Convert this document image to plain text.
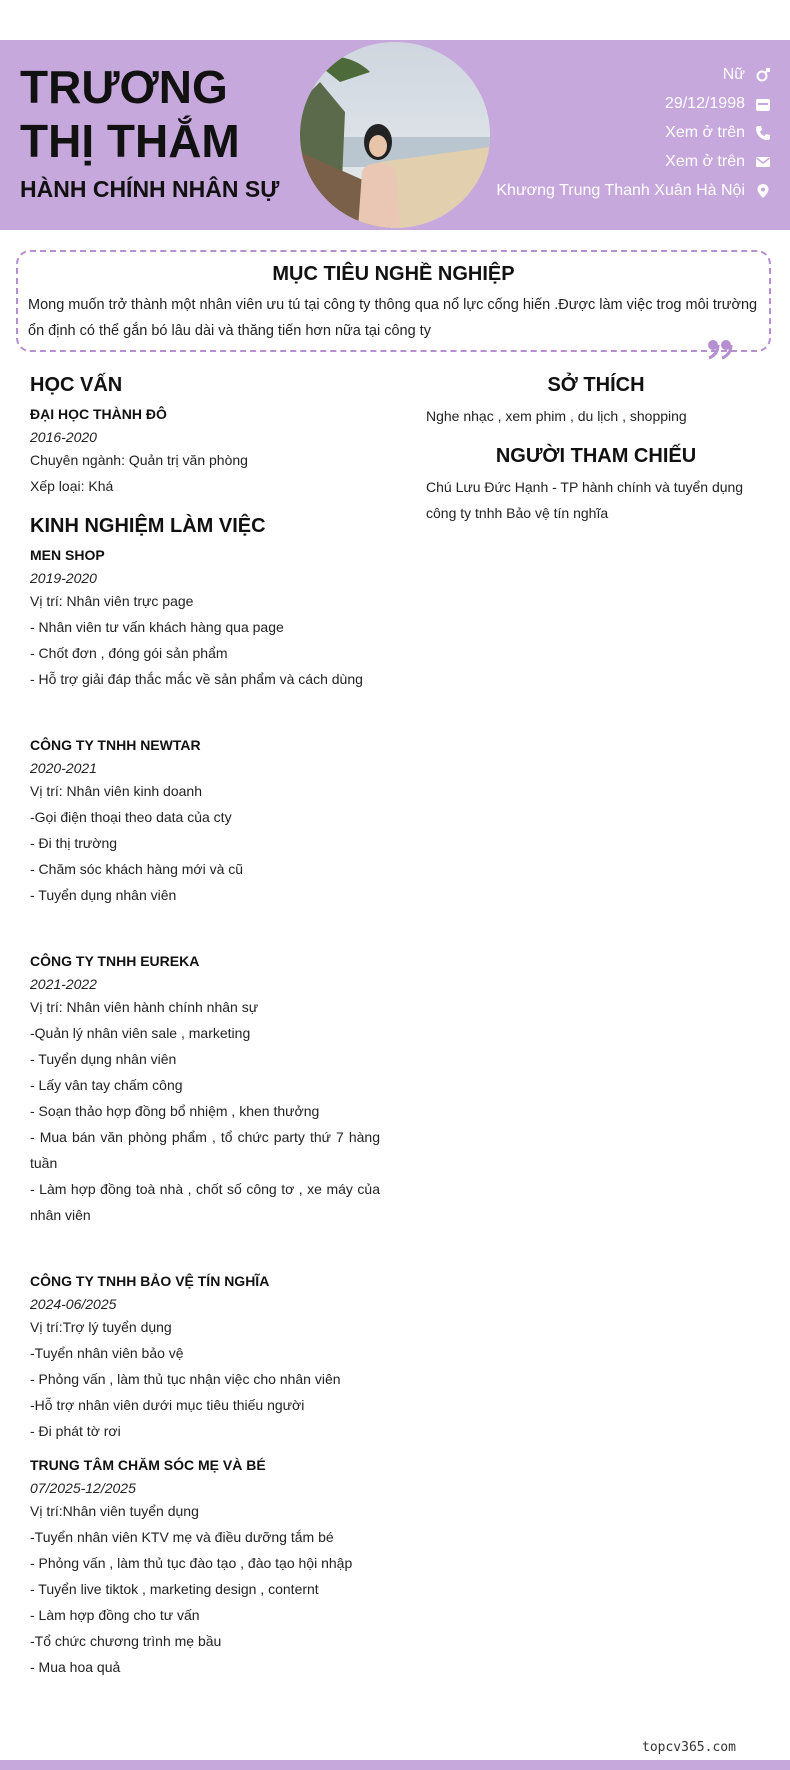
TRƯƠNG THỊ THẮM
HÀNH CHÍNH NHÂN SỰ
Nữ
29/12/1998
Xem ở trên
Xem ở trên
Khương Trung Thanh Xuân Hà Nội
MỤC TIÊU NGHỀ NGHIỆP

Mong muốn trở thành một nhân viên ưu tú tại công ty thông qua nổ lực cống hiến .Được làm việc trog môi trường ổn định có thể gắn bó lâu dài và thăng tiến hơn nữa tại công ty

HỌC VẤN
ĐẠI HỌC THÀNH ĐÔ
2016-2020
Chuyên ngành: Quản trị văn phòng
Xếp loại: Khá
KINH NGHIỆM LÀM VIỆC
MEN SHOP
2019-2020
Vị trí: Nhân viên trực page
- Nhân viên tư vấn khách hàng qua page
- Chốt đơn , đóng gói sản phẩm
- Hỗ trợ giải đáp thắc mắc về sản phẩm và cách dùng
CÔNG TY TNHH NEWTAR
2020-2021
Vị trí: Nhân viên kinh doanh
-Gọi điện thoại theo data của cty
- Đi thị trường
- Chăm sóc khách hàng mới và cũ
- Tuyển dụng nhân viên
CÔNG TY TNHH EUREKA
2021-2022
Vị trí: Nhân viên hành chính nhân sự
-Quản lý nhân viên sale , marketing
- Tuyển dụng nhân viên
- Lấy vân tay chấm công
- Soạn thảo hợp đồng bổ nhiệm , khen thưởng
- Mua bán văn phòng phẩm , tổ chức party thứ 7 hàng tuần
- Làm hợp đồng toà nhà , chốt số công tơ , xe máy của nhân viên
CÔNG TY TNHH BẢO VỆ TÍN NGHĨA
2024-06/2025
Vị trí:Trợ lý tuyển dụng
-Tuyển nhân viên bảo vệ
- Phỏng vấn , làm thủ tục nhận việc cho nhân viên
-Hỗ trợ nhân viên dưới mục tiêu thiếu người
- Đi phát tờ rơi
TRUNG TÂM CHĂM SÓC MẸ VÀ BÉ
07/2025-12/2025
Vị trí:Nhân viên tuyển dụng
-Tuyển nhân viên KTV mẹ và điều dưỡng tắm bé
- Phỏng vấn , làm thủ tục đào tạo , đào tạo hội nhập
- Tuyển live tiktok , marketing design , conternt
- Làm hợp đồng cho tư vấn
-Tổ chức chương trình mẹ bầu
- Mua hoa quả
SỞ THÍCH
Nghe nhạc , xem phim , du lịch , shopping
NGƯỜI THAM CHIẾU
Chú Lưu Đức Hạnh - TP hành chính và tuyển dụng công ty tnhh Bảo vệ tín nghĩa
topcv365.com
